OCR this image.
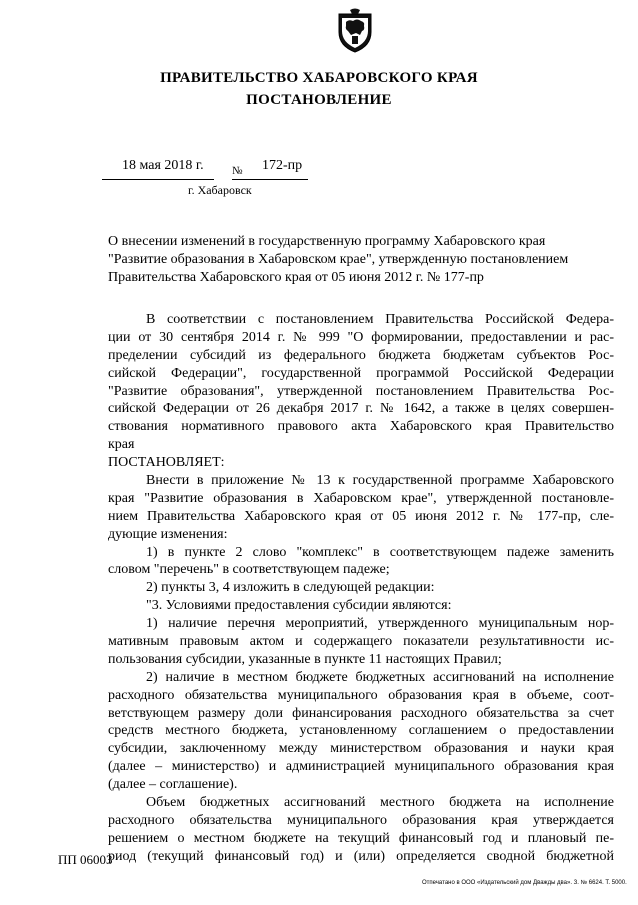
ПРАВИТЕЛЬСТВО ХАБАРОВСКОГО КРАЯ
ПОСТАНОВЛЕНИЕ
18 мая 2018 г.	№ 172-пр
г. Хабаровск
О внесении изменений в государственную программу Хабаровского края
"Развитие образования в Хабаровском крае", утвержденную постановлением
Правительства Хабаровского края от 05 июня 2012 г. № 177-пр
В соответствии с постановлением Правительства Российской Федера-
ции от 30 сентября 2014 г. № 999 "О формировании, предоставлении и рас-
пределении субсидий из федерального бюджета бюджетам субъектов Рос-
сийской Федерации", государственной программой Российской Федерации
"Развитие образования", утвержденной постановлением Правительства Рос-
сийской Федерации от 26 декабря 2017 г. № 1642, а также в целях совершен-
ствования нормативного правового акта Хабаровского края Правительство
края
ПОСТАНОВЛЯЕТ:
Внести в приложение № 13 к государственной программе Хабаровского
края "Развитие образования в Хабаровском крае", утвержденной постановле-
нием Правительства Хабаровского края от 05 июня 2012 г. № 177-пр, сле-
дующие изменения:
1) в пункте 2 слово "комплекс" в соответствующем падеже заменить
словом "перечень" в соответствующем падеже;
2) пункты 3, 4 изложить в следующей редакции:
"3. Условиями предоставления субсидии являются:
1) наличие перечня мероприятий, утвержденного муниципальным нор-
мативным правовым актом и содержащего показатели результативности ис-
пользования субсидии, указанные в пункте 11 настоящих Правил;
2) наличие в местном бюджете бюджетных ассигнований на исполнение
расходного обязательства муниципального образования края в объеме, соот-
ветствующем размеру доли финансирования расходного обязательства за счет
средств местного бюджета, установленному соглашением о предоставлении
субсидии, заключенному между министерством образования и науки края
(далее – министерство) и администрацией муниципального образования края
(далее – соглашение).
Объем бюджетных ассигнований местного бюджета на исполнение
расходного обязательства муниципального образования края утверждается
решением о местном бюджете на текущий финансовый год и плановый пе-
риод (текущий финансовый год) и (или) определяется сводной бюджетной
ПП 06003
Отпечатано в ООО «Издательский дом Дважды два». З. № 6624. Т. 5000.
